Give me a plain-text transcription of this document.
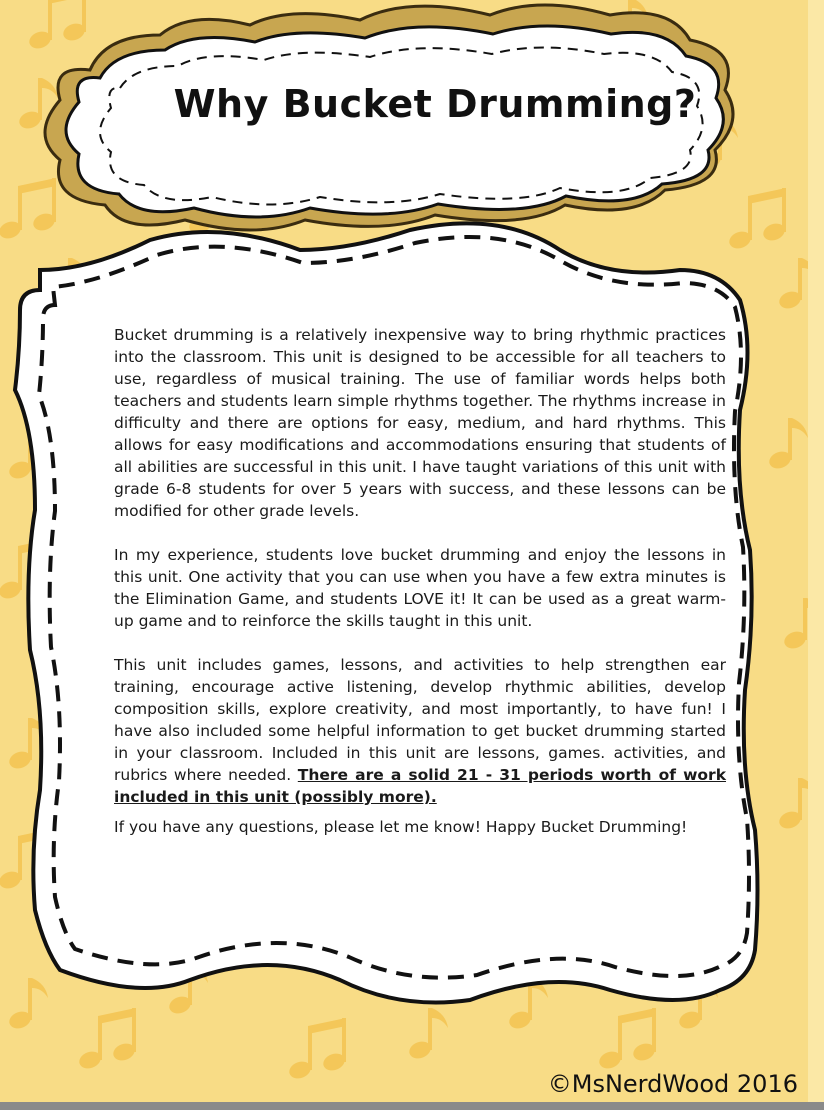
Why Bucket Drumming?

Bucket drumming is a relatively inexpensive way to bring rhythmic practices into the classroom. This unit is designed to be accessible for all teachers to use, regardless of musical training. The use of familiar words helps both teachers and students learn simple rhythms together. The rhythms increase in difficulty and there are options for easy, medium, and hard rhythms. This allows for easy modifications and accommodations ensuring that students of all abilities are successful in this unit. I have taught variations of this unit with grade 6-8 students for over 5 years with success, and these lessons can be modified for other grade levels.

In my experience, students love bucket drumming and enjoy the lessons in this unit. One activity that you can use when you have a few extra minutes is the Elimination Game, and students LOVE it! It can be used as a great warm-up game and to reinforce the skills taught in this unit.

This unit includes games, lessons, and activities to help strengthen ear training, encourage active listening, develop rhythmic abilities, develop composition skills, explore creativity, and most importantly, to have fun! I have also included some helpful information to get bucket drumming started in your classroom. Included in this unit are lessons, games. activities, and rubrics where needed. There are a solid 21 - 31 periods worth of work included in this unit (possibly more).

If you have any questions, please let me know! Happy Bucket Drumming!

©MsNerdWood 2016
